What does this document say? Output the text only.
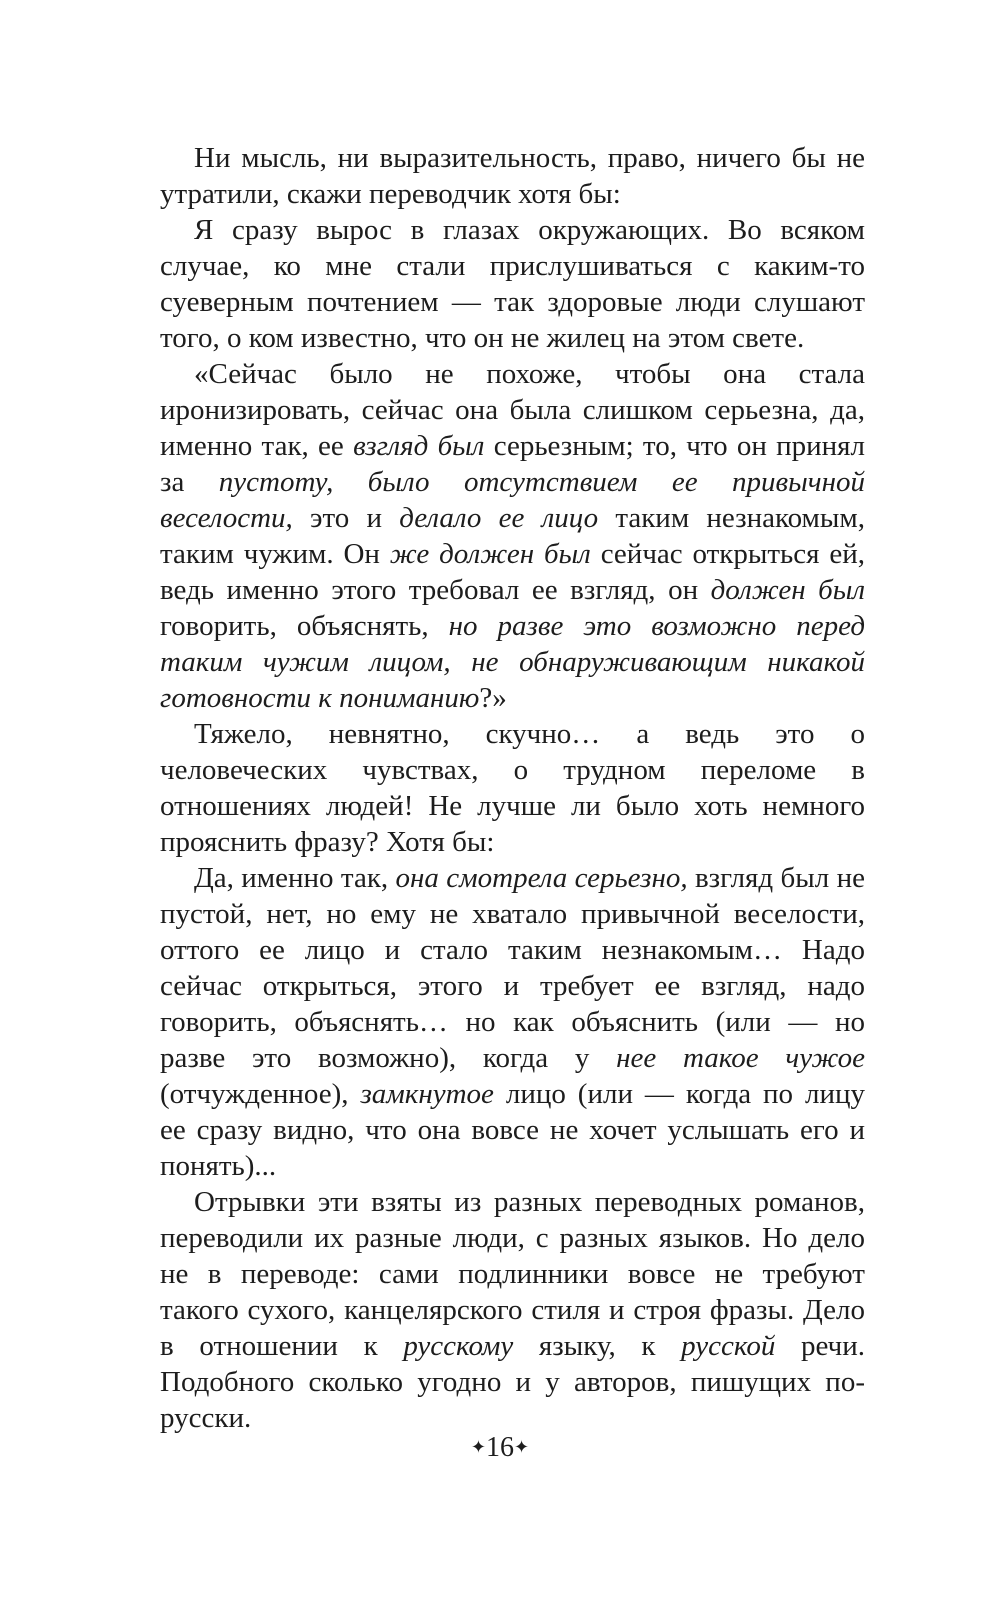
Ни мысль, ни выразительность, право, ничего бы не утратили, скажи переводчик хотя бы:

Я сразу вырос в глазах окружающих. Во всяком случае, ко мне стали прислушиваться с каким-то суеверным почтением — так здоровые люди слушают того, о ком известно, что он не жилец на этом свете.

«Сейчас было не похоже, чтобы она стала иронизировать, сейчас она была слишком серьезна, да, именно так, ее взгляд был серьезным; то, что он принял за пустоту, было отсутствием ее привычной веселости, это и делало ее лицо таким незнакомым, таким чужим. Он же должен был сейчас открыться ей, ведь именно этого требовал ее взгляд, он должен был говорить, объяснять, но разве это возможно перед таким чужим лицом, не обнаруживающим никакой готовности к пониманию?»

Тяжело, невнятно, скучно… а ведь это о человеческих чувствах, о трудном переломе в отношениях людей! Не лучше ли было хоть немного прояснить фразу? Хотя бы:

Да, именно так, она смотрела серьезно, взгляд был не пустой, нет, но ему не хватало привычной веселости, оттого ее лицо и стало таким незнакомым… Надо сейчас открыться, этого и требует ее взгляд, надо говорить, объяснять… но как объяснить (или — но разве это возможно), когда у нее такое чужое (отчужденное), замкнутое лицо (или — когда по лицу ее сразу видно, что она вовсе не хочет услышать его и понять)...

Отрывки эти взяты из разных переводных романов, переводили их разные люди, с разных языков. Но дело не в переводе: сами подлинники вовсе не требуют такого сухого, канцелярского стиля и строя фразы. Дело в отношении к русскому языку, к русской речи. Подобного сколько угодно и у авторов, пишущих по-русски.

✦16✦
